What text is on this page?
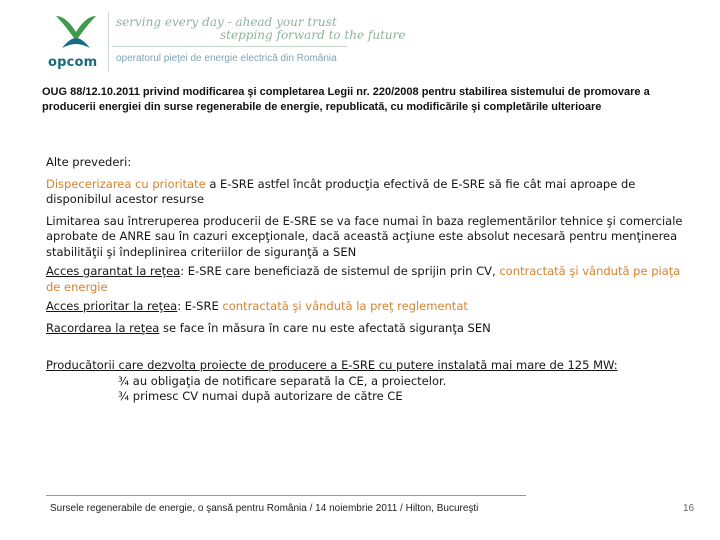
opcom
serving every day - ahead your trust
stepping forward to the future
operatorul pieţei de energie electrică din România
OUG 88/12.10.2011 privind modificarea şi completarea Legii nr. 220/2008 pentru stabilirea sistemului de promovare a producerii energiei din surse regenerabile de energie, republicată, cu modificările şi completările ulterioare

Alte prevederi:

Dispecerizarea cu prioritate a E-SRE astfel încât producţia efectivă de E-SRE să fie cât mai aproape de disponibilul acestor resurse

Limitarea sau întreruperea producerii de E-SRE se va face numai în baza reglementărilor tehnice şi comerciale aprobate de ANRE sau în cazuri excepţionale, dacă această acţiune este absolut necesară pentru menţinerea stabilităţii şi îndeplinirea criteriilor de siguranţă a SEN

Acces garantat la reţea: E-SRE care beneficiază de sistemul de sprijin prin CV, contractată şi vândută pe piaţa de energie

Acces prioritar la reţea: E-SRE contractată şi vândută la preţ reglementat

Racordarea la reţea se face în măsura în care nu este afectată siguranţa SEN

Producătorii care dezvolta proiecte de producere a E-SRE cu putere instalată mai mare de 125 MW:

¾ au obligaţia de notificare separată la CE, a proiectelor.

¾ primesc CV numai după autorizare de către CE

Sursele regenerabile de energie, o şansă pentru România / 14 noiembrie 2011 / Hilton, Bucureşti	16
